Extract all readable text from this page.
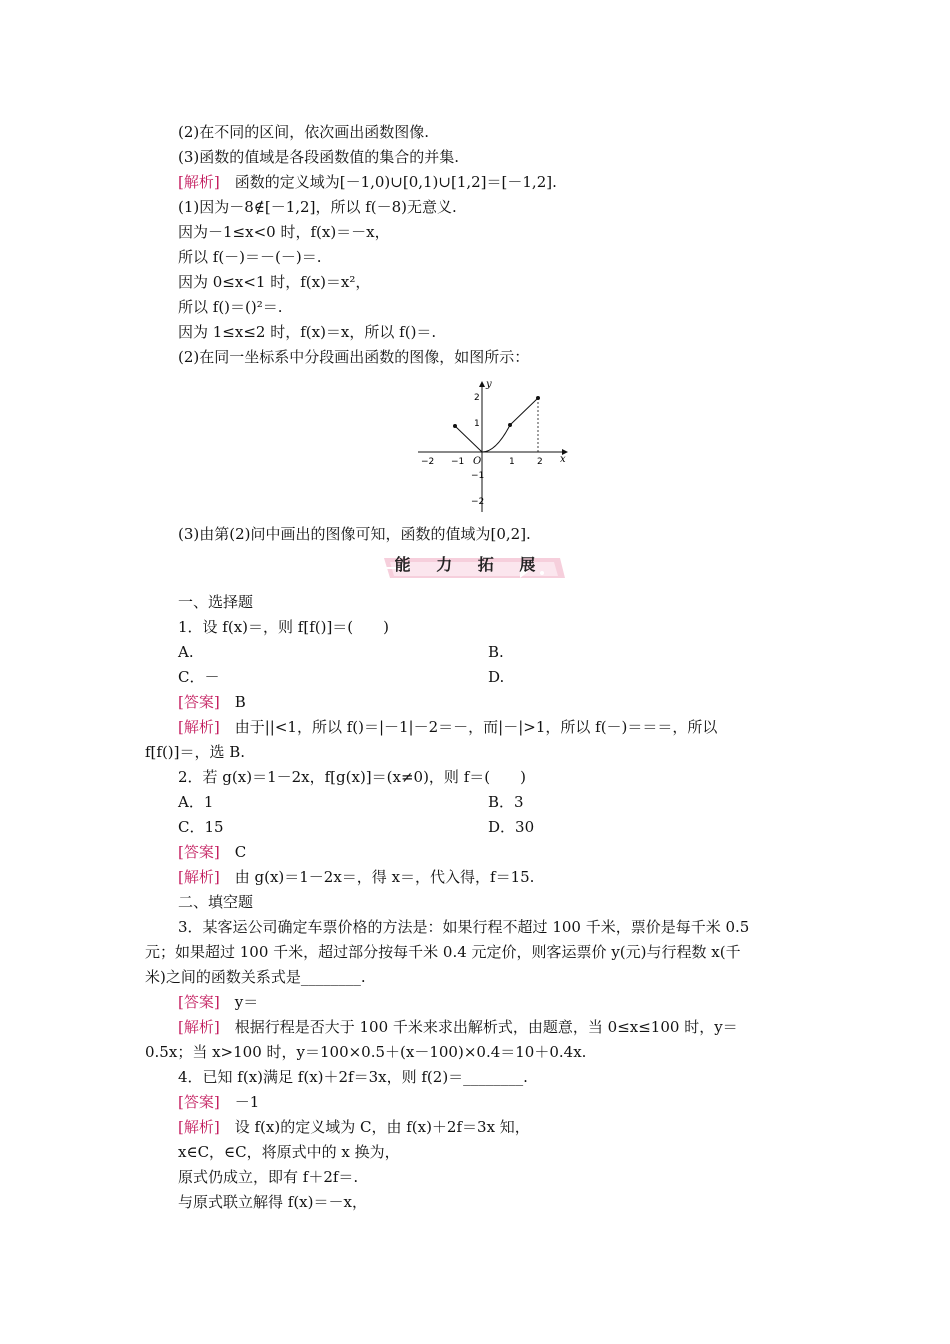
(2)在不同的区间，依次画出函数图像.
(3)函数的值域是各段函数值的集合的并集.
[解析]　函数的定义域为[－1,0)∪[0,1)∪[1,2]＝[－1,2].
(1)因为－8∉[－1,2]，所以 f(－8)无意义.
因为－1≤x<0 时，f(x)＝－x，
所以 f(－)＝－(－)＝.
因为 0≤x<1 时，f(x)＝x²，
所以 f()＝()²＝.
因为 1≤x≤2 时，f(x)＝x，所以 f()＝.
(2)在同一坐标系中分段画出函数的图像，如图所示：
x
y
O
−2 −1	1 2
2
1
−1
−2
(3)由第(2)问中画出的图像可知，函数的值域为[0,2].
能 力 拓 展
一、选择题
1．设 f(x)＝，则 f[f()]＝(　　)
A.	B.
C．－	D.
[答案]　B
[解析]　由于||<1，所以 f()＝|－1|－2＝－，而|－|>1，所以 f(－)＝＝＝，所以
f[f()]＝，选 B.
2．若 g(x)＝1－2x，f[g(x)]＝(x≠0)，则 f＝(　　)
A．1	B．3
C．15	D．30
[答案]　C
[解析]　由 g(x)＝1－2x＝，得 x＝，代入得，f＝15.
二、填空题
3．某客运公司确定车票价格的方法是：如果行程不超过 100 千米，票价是每千米 0.5
元；如果超过 100 千米，超过部分按每千米 0.4 元定价，则客运票价 y(元)与行程数 x(千
米)之间的函数关系式是________.
[答案]　y＝
[解析]　根据行程是否大于 100 千米来求出解析式，由题意，当 0≤x≤100 时，y＝
0.5x；当 x>100 时，y＝100×0.5＋(x－100)×0.4＝10＋0.4x.
4．已知 f(x)满足 f(x)＋2f＝3x，则 f(2)＝________.
[答案]　－1
[解析]　设 f(x)的定义域为 C，由 f(x)＋2f＝3x 知，
x∈C，∈C，将原式中的 x 换为，
原式仍成立，即有 f＋2f＝.
与原式联立解得 f(x)＝－x，
